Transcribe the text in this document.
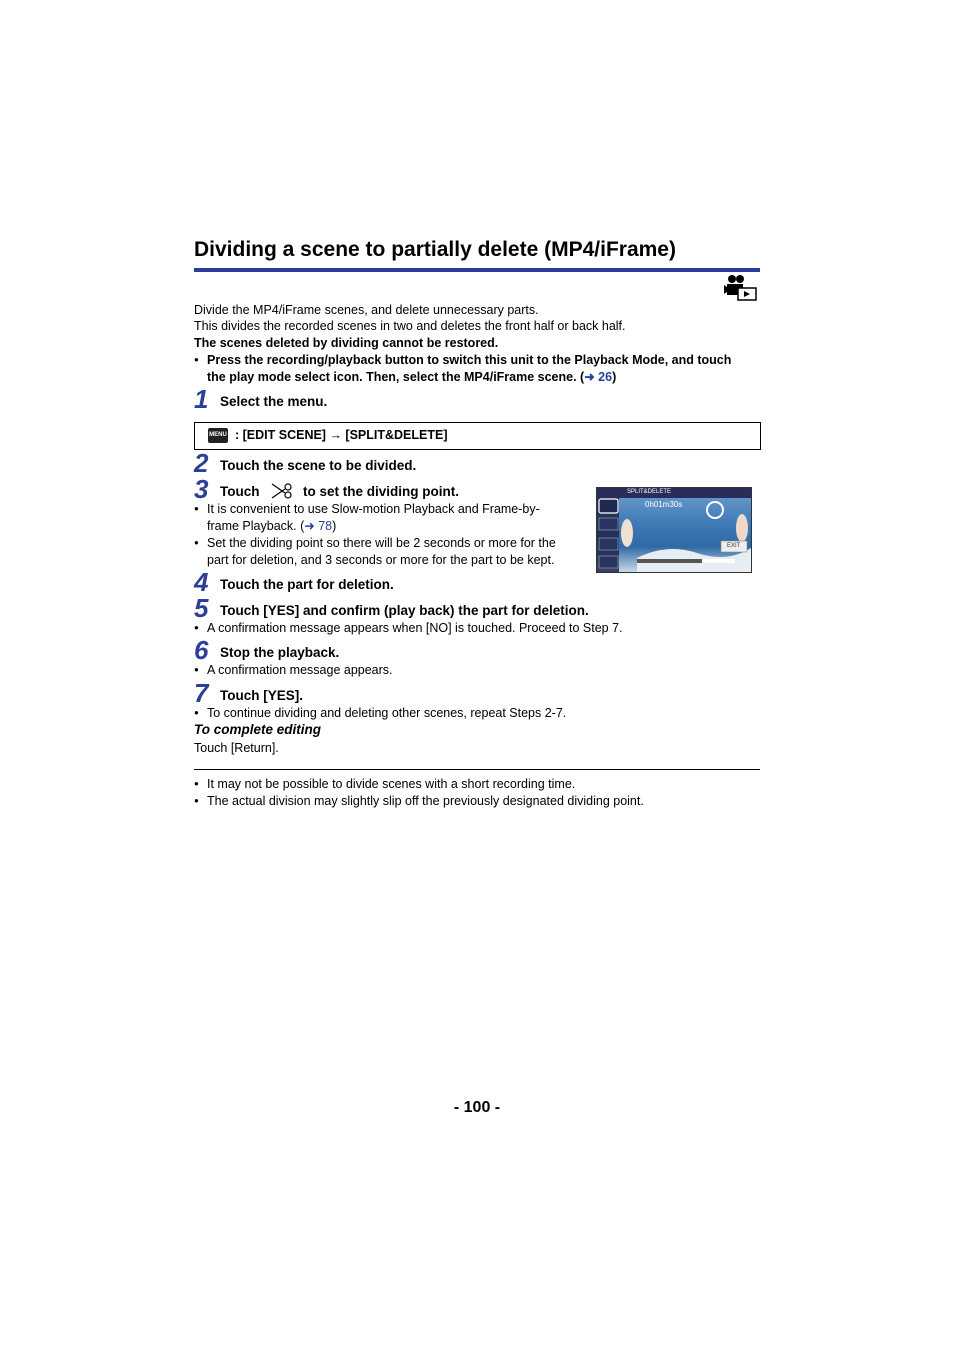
Dividing a scene to partially delete (MP4/iFrame)
Divide the MP4/iFrame scenes, and delete unnecessary parts.
This divides the recorded scenes in two and deletes the front half or back half.
The scenes deleted by dividing cannot be restored.
● Press the recording/playback button to switch this unit to the Playback Mode, and touch
the play mode select icon. Then, select the MP4/iFrame scene. (➜ 26)
1 Select the menu.
MENU : [EDIT SCENE] → [SPLIT&DELETE]
2 Touch the scene to be divided.
3 Touch	to set the dividing point.
● It is convenient to use Slow-motion Playback and Frame-by-
frame Playback. (➜ 78)
● Set the dividing point so there will be 2 seconds or more for the
part for deletion, and 3 seconds or more for the part to be kept.
SPLIT&DELETE
0h01m30s
EXIT
4 Touch the part for deletion.
5 Touch [YES] and confirm (play back) the part for deletion.
● A confirmation message appears when [NO] is touched. Proceed to Step 7.
6 Stop the playback.
● A confirmation message appears.
7 Touch [YES].
● To continue dividing and deleting other scenes, repeat Steps 2-7.
To complete editing
Touch [Return].
● It may not be possible to divide scenes with a short recording time.
● The actual division may slightly slip off the previously designated dividing point.
- 100 -
